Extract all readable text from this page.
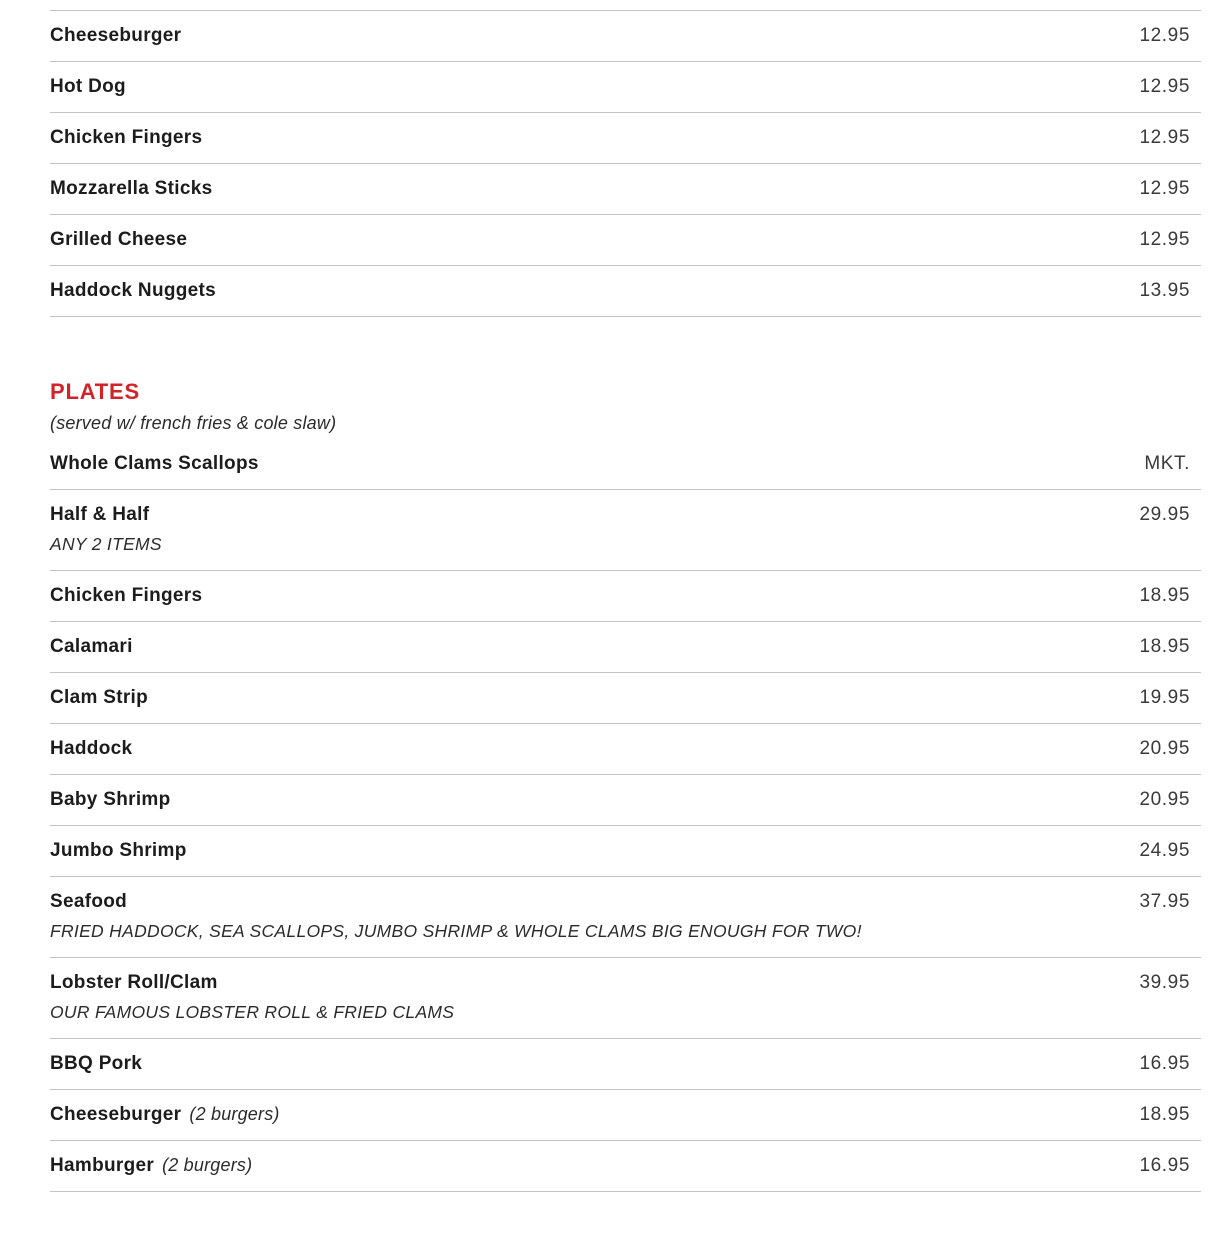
Cheeseburger	12.95
Hot Dog	12.95
Chicken Fingers	12.95
Mozzarella Sticks	12.95
Grilled Cheese	12.95
Haddock Nuggets	13.95
PLATES
(served w/ french fries & cole slaw)
Whole Clams Scallops	MKT.
Half & Half	29.95
ANY 2 ITEMS
Chicken Fingers	18.95
Calamari	18.95
Clam Strip	19.95
Haddock	20.95
Baby Shrimp	20.95
Jumbo Shrimp	24.95
Seafood	37.95
FRIED HADDOCK, SEA SCALLOPS, JUMBO SHRIMP & WHOLE CLAMS BIG ENOUGH FOR TWO!
Lobster Roll/Clam	39.95
OUR FAMOUS LOBSTER ROLL & FRIED CLAMS
BBQ Pork	16.95
Cheeseburger (2 burgers)	18.95
Hamburger (2 burgers)	16.95
